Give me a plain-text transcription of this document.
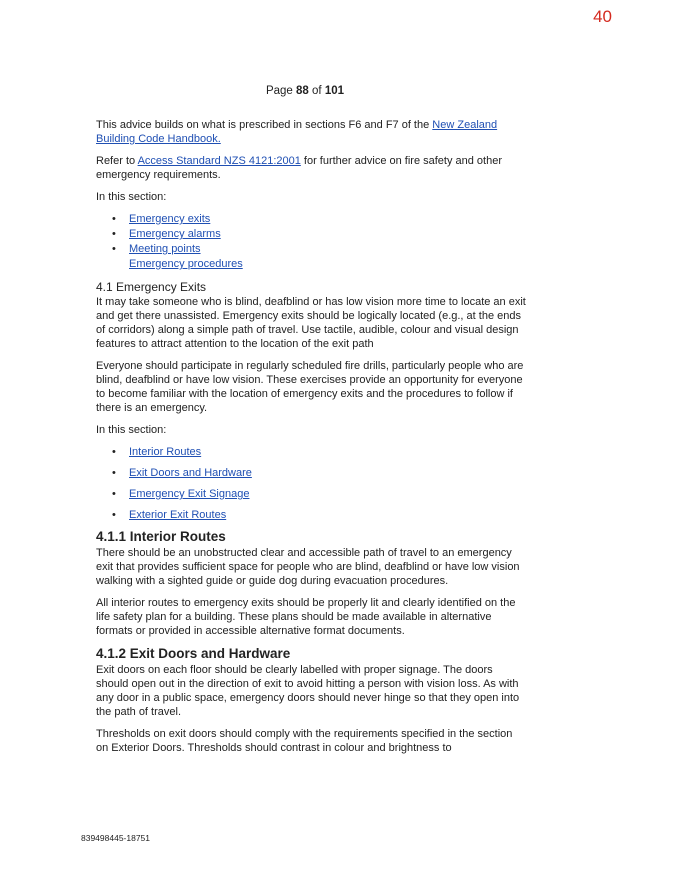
40
Page 88 of 101

This advice builds on what is prescribed in sections F6 and F7 of the New Zealand Building Code Handbook.

Refer to Access Standard NZS 4121:2001 for further advice on fire safety and other emergency requirements.

In this section:

• Emergency exits
• Emergency alarms
• Meeting points
Emergency procedures
4.1 Emergency Exits

It may take someone who is blind, deafblind or has low vision more time to locate an exit and get there unassisted. Emergency exits should be logically located (e.g., at the ends of corridors) along a simple path of travel. Use tactile, audible, colour and visual design features to attract attention to the location of the exit path

Everyone should participate in regularly scheduled fire drills, particularly people who are blind, deafblind or have low vision. These exercises provide an opportunity for everyone to become familiar with the location of emergency exits and the procedures to follow if there is an emergency.

In this section:

• Interior Routes
• Exit Doors and Hardware
• Emergency Exit Signage
• Exterior Exit Routes
4.1.1 Interior Routes

There should be an unobstructed clear and accessible path of travel to an emergency exit that provides sufficient space for people who are blind, deafblind or have low vision walking with a sighted guide or guide dog during evacuation procedures.

All interior routes to emergency exits should be properly lit and clearly identified on the life safety plan for a building. These plans should be made available in alternative formats or provided in accessible alternative format documents.

4.1.2 Exit Doors and Hardware

Exit doors on each floor should be clearly labelled with proper signage. The doors should open out in the direction of exit to avoid hitting a person with vision loss. As with any door in a public space, emergency doors should never hinge so that they open into the path of travel.

Thresholds on exit doors should comply with the requirements specified in the section on Exterior Doors. Thresholds should contrast in colour and brightness to

839498445-18751
